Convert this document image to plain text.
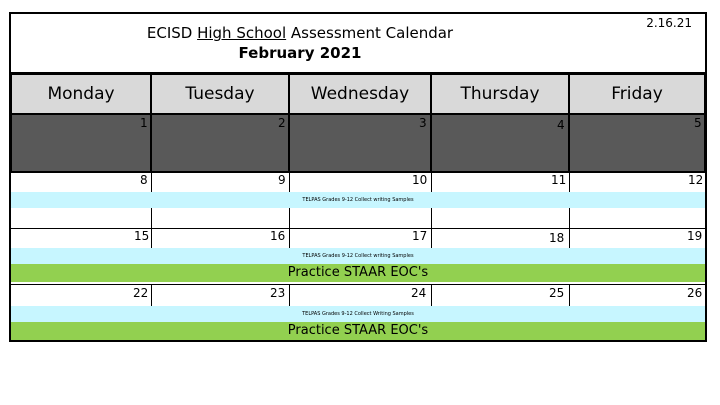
ECISD High School Assessment Calendar
February 2021
2.16.21
Monday	Tuesday	Wednesday	Thursday	Friday
1	2	3	4	5
8	9	10	11	12
TELPAS Grades 9-12 Collect writing Samples
15	16	17	18	19
TELPAS Grades 9-12 Collect writing Samples
Practice STAAR EOC's
22	23	24	25	26
TELPAS Grades 9-12 Collect Writing Samples
Practice STAAR EOC's
